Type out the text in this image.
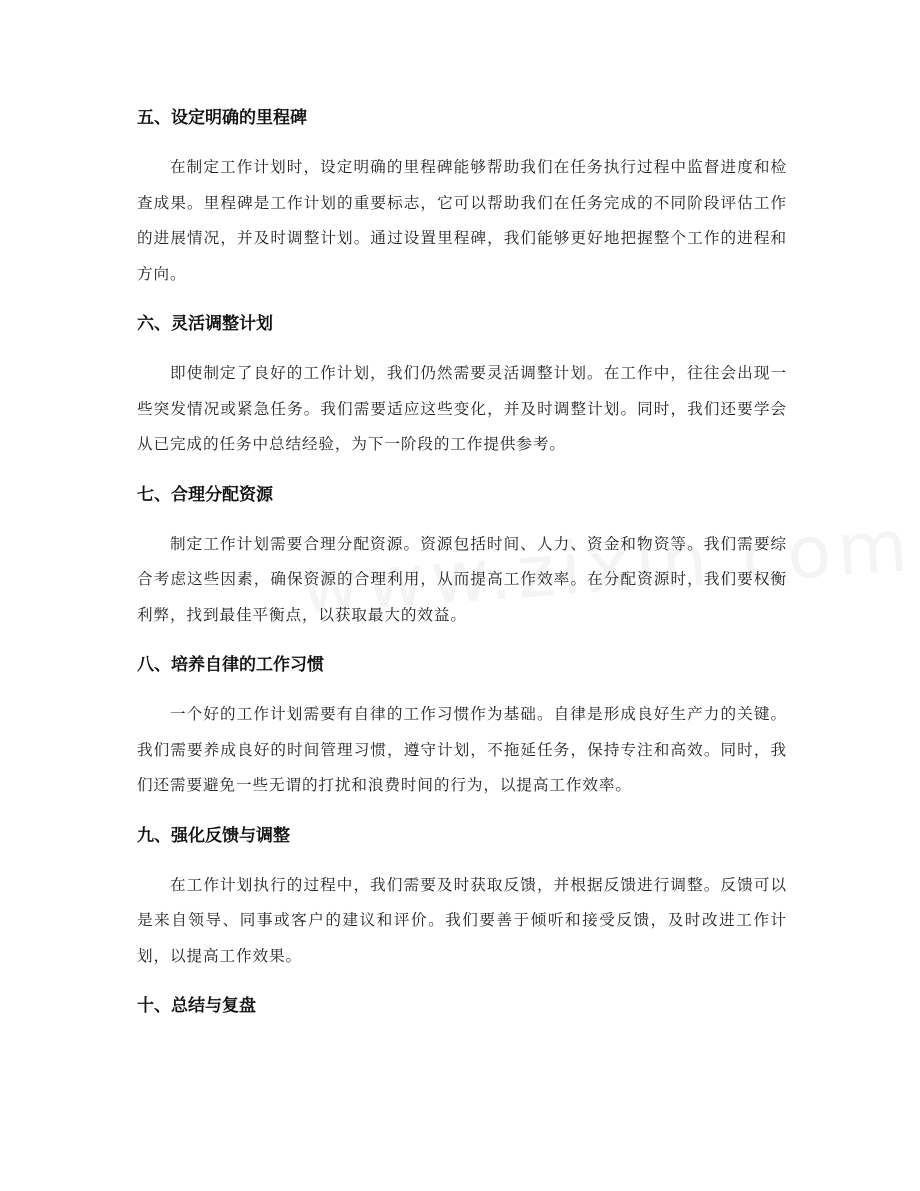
五、设定明确的里程碑

在制定工作计划时，设定明确的里程碑能够帮助我们在任务执行过程中监督进度和检查成果。里程碑是工作计划的重要标志，它可以帮助我们在任务完成的不同阶段评估工作的进展情况，并及时调整计划。通过设置里程碑，我们能够更好地把握整个工作的进程和方向。

六、灵活调整计划

即使制定了良好的工作计划，我们仍然需要灵活调整计划。在工作中，往往会出现一些突发情况或紧急任务。我们需要适应这些变化，并及时调整计划。同时，我们还要学会从已完成的任务中总结经验，为下一阶段的工作提供参考。

七、合理分配资源

制定工作计划需要合理分配资源。资源包括时间、人力、资金和物资等。我们需要综合考虑这些因素，确保资源的合理利用，从而提高工作效率。在分配资源时，我们要权衡利弊，找到最佳平衡点，以获取最大的效益。

八、培养自律的工作习惯

一个好的工作计划需要有自律的工作习惯作为基础。自律是形成良好生产力的关键。我们需要养成良好的时间管理习惯，遵守计划，不拖延任务，保持专注和高效。同时，我们还需要避免一些无谓的打扰和浪费时间的行为，以提高工作效率。

九、强化反馈与调整

在工作计划执行的过程中，我们需要及时获取反馈，并根据反馈进行调整。反馈可以是来自领导、同事或客户的建议和评价。我们要善于倾听和接受反馈，及时改进工作计划，以提高工作效果。

十、总结与复盘
